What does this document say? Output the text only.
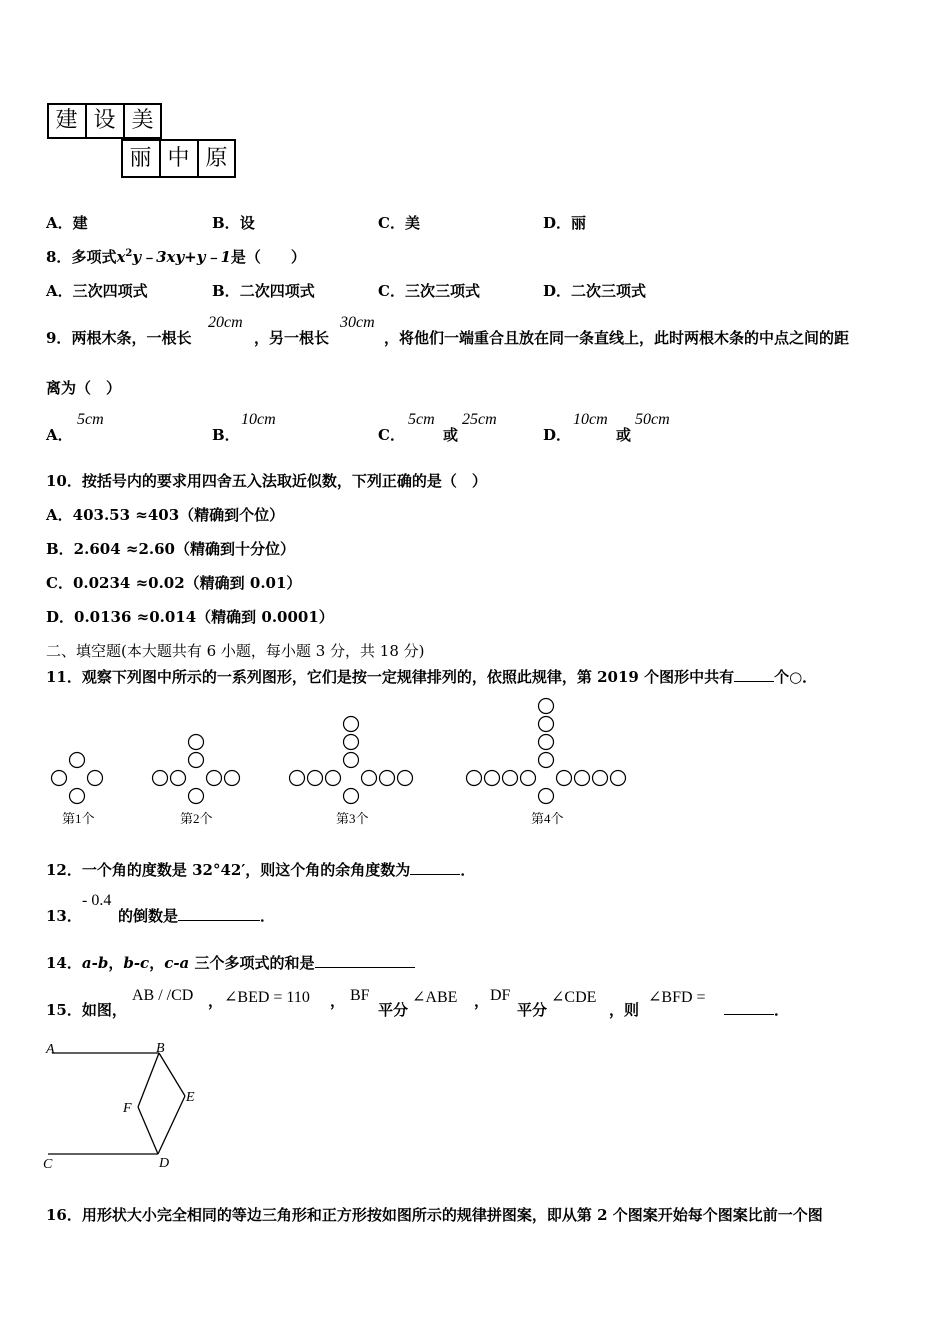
建 设 美
丽 中 原
A．建	B．设	C．美	D．丽
8．多项式$x^2y﹣3xy+y﹣1$是（　　）
A．三次四项式	B．二次四项式	C．三次三项式	D．二次三项式
9．两根木条，一根长
20cm
，另一根长
30cm
，将他们一端重合且放在同一条直线上，此时两根木条的中点之间的距
离为（　）
A．
5cm
B．
10cm
C．
5cm
或
25cm
D．
10cm
或
50cm
10．按括号内的要求用四舍五入法取近似数，下列正确的是（　）
A．403.53 ≈403（精确到个位）
B．2.604 ≈2.60（精确到十分位）
C．0.0234 ≈0.02（精确到 0.01）
D．0.0136 ≈0.014（精确到 0.0001）
二、填空题(本大题共有 6 小题，每小题 3 分，共 18 分)
11．观察下列图中所示的一系列图形，它们是按一定规律排列的，依照此规律，第 2019 个图形中共有	个○．
第1个	第2个	第3个	第4个
12．一个角的度数是 32°42′，则这个角的余角度数为	．
13．
- 0.4
的倒数是	．
14．a-b，b-c，c-a 三个多项式的和是
15．如图，
AB / /CD ， ∠BED = 110 ， BF
平分
∠ABE ， DF
平分
∠CDE
，则
∠BFD =
．
A	B
C	D
E
F
16．用形状大小完全相同的等边三角形和正方形按如图所示的规律拼图案，即从第 2 个图案开始每个图案比前一个图
